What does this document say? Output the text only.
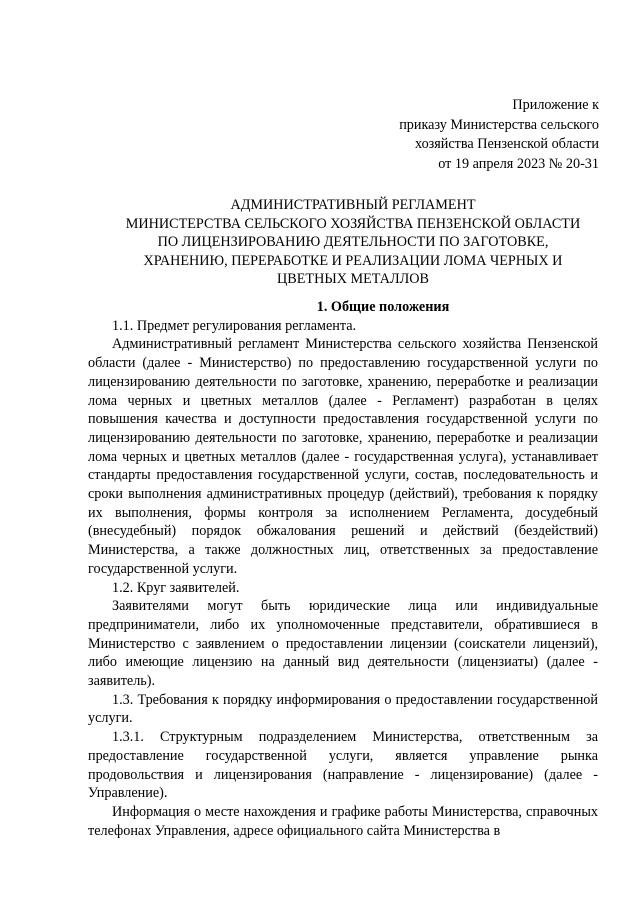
Приложение к
приказу Министерства сельского
хозяйства Пензенской области
от 19 апреля 2023 № 20-31
АДМИНИСТРАТИВНЫЙ РЕГЛАМЕНТ
МИНИСТЕРСТВА СЕЛЬСКОГО ХОЗЯЙСТВА ПЕНЗЕНСКОЙ ОБЛАСТИ
ПО ЛИЦЕНЗИРОВАНИЮ ДЕЯТЕЛЬНОСТИ ПО ЗАГОТОВКЕ,
ХРАНЕНИЮ, ПЕРЕРАБОТКЕ И РЕАЛИЗАЦИИ ЛОМА ЧЕРНЫХ И
ЦВЕТНЫХ МЕТАЛЛОВ
1. Общие положения
1.1. Предмет регулирования регламента.
Административный регламент Министерства сельского хозяйства Пензенской области (далее - Министерство) по предоставлению государственной услуги по лицензированию деятельности по заготовке, хранению, переработке и реализации лома черных и цветных металлов (далее - Регламент) разработан в целях повышения качества и доступности предоставления государственной услуги по лицензированию деятельности по заготовке, хранению, переработке и реализации лома черных и цветных металлов (далее - государственная услуга), устанавливает стандарты предоставления государственной услуги, состав, последовательность и сроки выполнения административных процедур (действий), требования к порядку их выполнения, формы контроля за исполнением Регламента, досудебный (внесудебный) порядок обжалования решений и действий (бездействий) Министерства, а также должностных лиц, ответственных за предоставление государственной услуги.
1.2. Круг заявителей.
Заявителями могут быть юридические лица или индивидуальные предприниматели, либо их уполномоченные представители, обратившиеся в Министерство с заявлением о предоставлении лицензии (соискатели лицензий), либо имеющие лицензию на данный вид деятельности (лицензиаты) (далее - заявитель).
1.3. Требования к порядку информирования о предоставлении государственной услуги.
1.3.1. Структурным подразделением Министерства, ответственным за предоставление государственной услуги, является управление рынка продовольствия и лицензирования (направление - лицензирование) (далее - Управление).
Информация о месте нахождения и графике работы Министерства, справочных телефонах Управления, адресе официального сайта Министерства в
